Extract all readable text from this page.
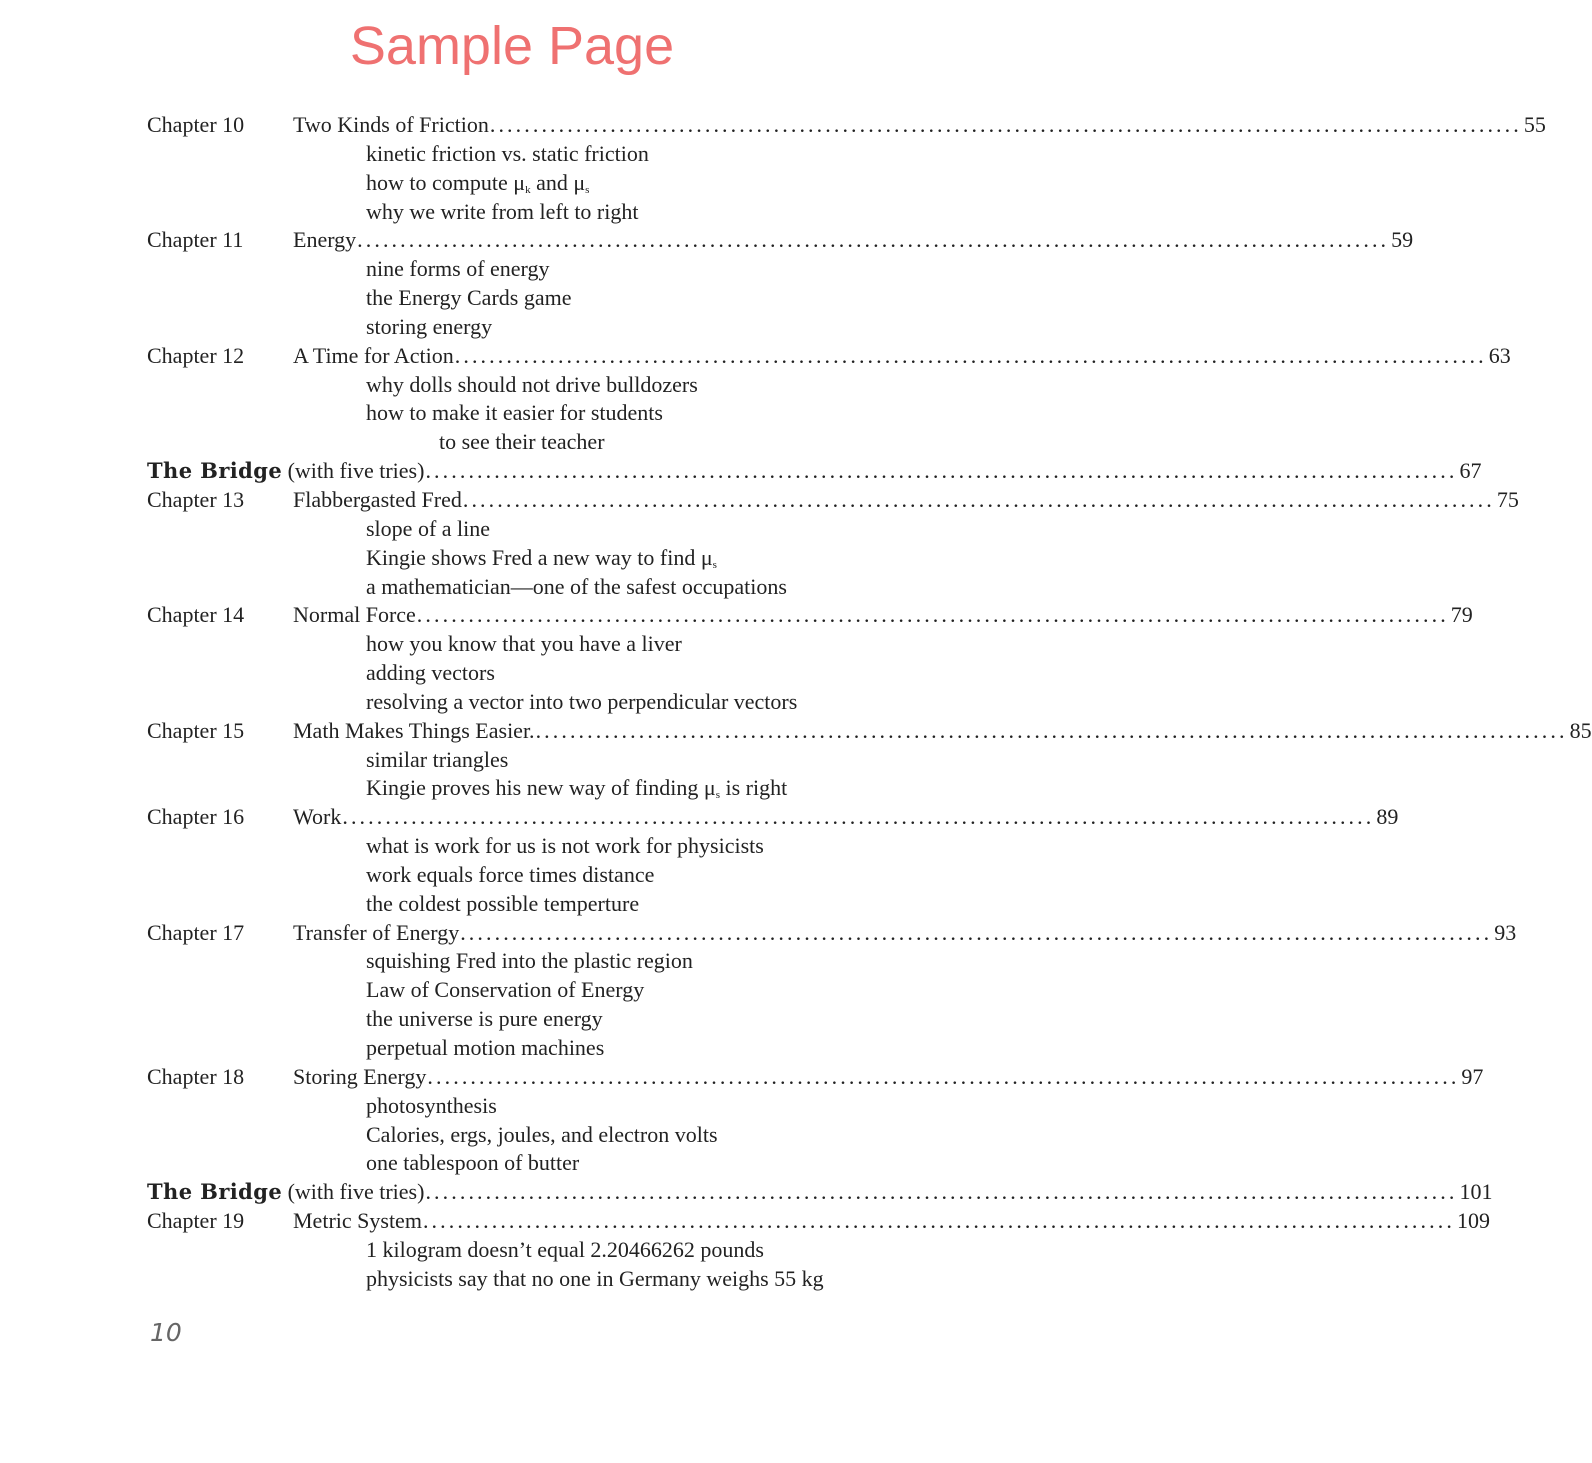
Sample Page
Chapter 10 Two Kinds of Friction ........................................................................................................................ 55
kinetic friction vs. static friction
how to compute $\mu_k$ and $\mu_s$
why we write from left to right
Chapter 11 Energy ........................................................................................................................ 59
nine forms of energy
the Energy Cards game
storing energy
Chapter 12 A Time for Action ........................................................................................................................ 63
why dolls should not drive bulldozers
how to make it easier for students
to see their teacher
The Bridge (with five tries) ........................................................................................................................ 67
Chapter 13 Flabbergasted Fred ........................................................................................................................ 75
slope of a line
Kingie shows Fred a new way to find $\mu_s$
a mathematician—one of the safest occupations
Chapter 14 Normal Force ........................................................................................................................ 79
how you know that you have a liver
adding vectors
resolving a vector into two perpendicular vectors
Chapter 15 Math Makes Things Easier. ........................................................................................................................ 85
similar triangles
Kingie proves his new way of finding $\mu_s$ is right
Chapter 16 Work ........................................................................................................................ 89
what is work for us is not work for physicists
work equals force times distance
the coldest possible temperture
Chapter 17 Transfer of Energy ........................................................................................................................ 93
squishing Fred into the plastic region
Law of Conservation of Energy
the universe is pure energy
perpetual motion machines
Chapter 18 Storing Energy ........................................................................................................................ 97
photosynthesis
Calories, ergs, joules, and electron volts
one tablespoon of butter
The Bridge (with five tries) ........................................................................................................................ 101
Chapter 19 Metric System ........................................................................................................................ 109
1 kilogram doesn’t equal 2.20466262 pounds
physicists say that no one in Germany weighs 55 kg
10
